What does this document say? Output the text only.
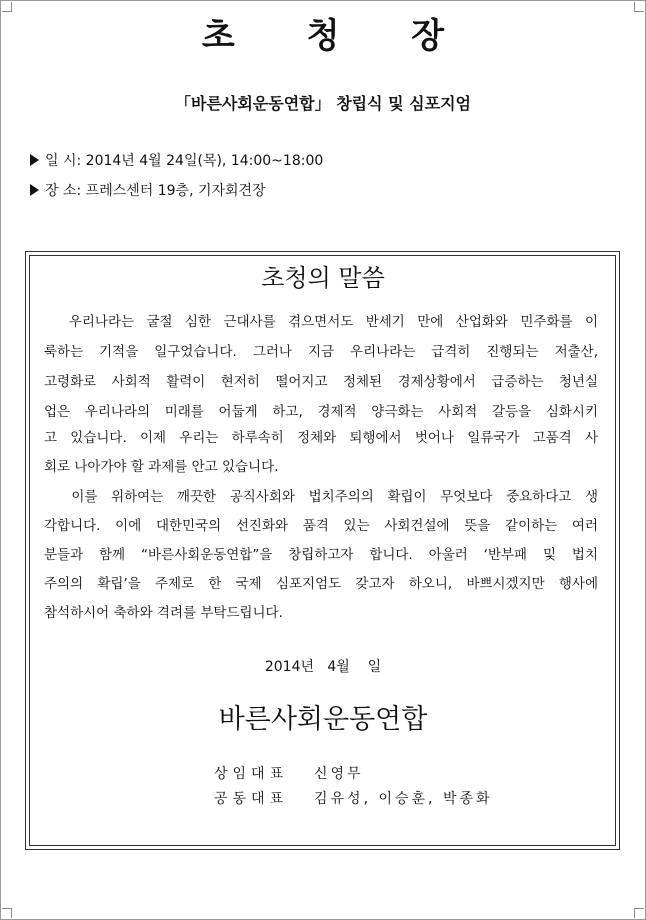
초 청 장
「바른사회운동연합」 창립식 및 심포지엄
일 시: 2014년 4월 24일(목), 14:00~18:00
장 소: 프레스센터 19층, 기자회견장
초청의 말씀
우리나라는 굴절 심한 근대사를 겪으면서도 반세기 만에 산업화와 민주화를 이
룩하는 기적을 일구었습니다. 그러나 지금 우리나라는 급격히 진행되는 저출산,
고령화로 사회적 활력이 현저히 떨어지고 정체된 경제상황에서 급증하는 청년실
업은 우리나라의 미래를 어둡게 하고, 경제적 양극화는 사회적 갈등을 심화시키
고 있습니다. 이제 우리는 하루속히 정체와 퇴행에서 벗어나 일류국가 고품격 사
회로 나아가야 할 과제를 안고 있습니다.
이를 위하여는 깨끗한 공직사회와 법치주의의 확립이 무엇보다 중요하다고 생
각합니다. 이에 대한민국의 선진화와 품격 있는 사회건설에 뜻을 같이하는 여러
분들과 함께 “바른사회운동연합”을 창립하고자 합니다. 아울러 ‘반부패 및 법치
주의의 확립’을 주제로 한 국제 심포지엄도 갖고자 하오니, 바쁘시겠지만 행사에
참석하시어 축하와 격려를 부탁드립니다.
2014년   4월    일
바른사회운동연합
상임대표 신영무
공동대표 김유성, 이승훈, 박종화
